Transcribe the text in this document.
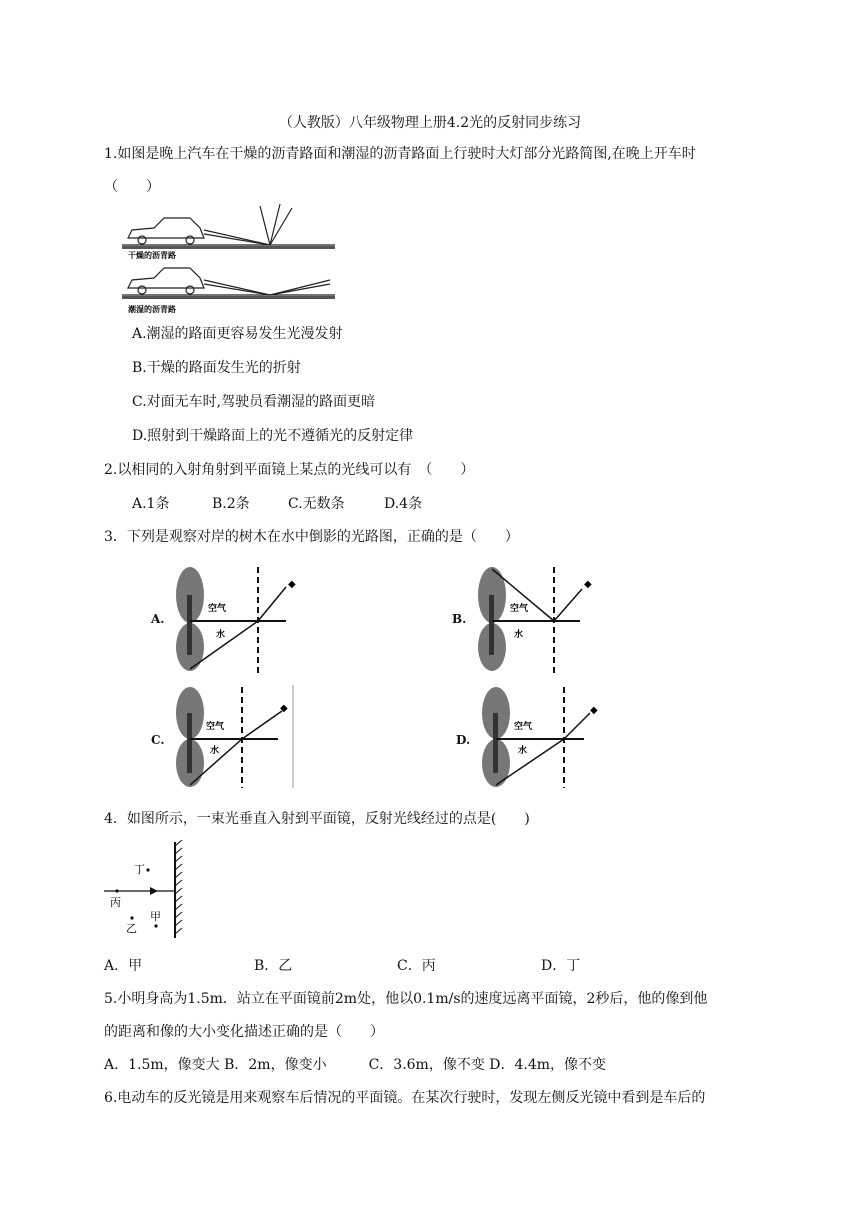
（人教版）八年级物理上册4.2光的反射同步练习
1.如图是晚上汽车在干燥的沥青路面和潮湿的沥青路面上行驶时大灯部分光路简图,在晚上开车时
（　　）
干燥的沥青路
潮湿的沥青路
A.潮湿的路面更容易发生光漫发射
B.干燥的路面发生光的折射
C.对面无车时,驾驶员看潮湿的路面更暗
D.照射到干燥路面上的光不遵循光的反射定律
2.以相同的入射角射到平面镜上某点的光线可以有　（　　）
A.1条	B.2条	C.无数条	D.4条
3．下列是观察对岸的树木在水中倒影的光路图，正确的是（　　）
A.	B.
C.	D.
◆
空气
水
◆
空气
水
◆
空气
水
◆
空气
水
4．如图所示，一束光垂直入射到平面镜，反射光线经过的点是(　　)
丁
丙
乙
甲
A．甲	B．乙	C．丙	D．丁
5.小明身高为1.5m．站立在平面镜前2m处，他以0.1m/s的速度远离平面镜，2秒后，他的像到他
的距离和像的大小变化描述正确的是（　　）
A．1.5m，像变大 B．2m，像变小　　　C．3.6m，像不变 D．4.4m，像不变
6.电动车的反光镜是用来观察车后情况的平面镜。在某次行驶时，发现左侧反光镜中看到是车后的
